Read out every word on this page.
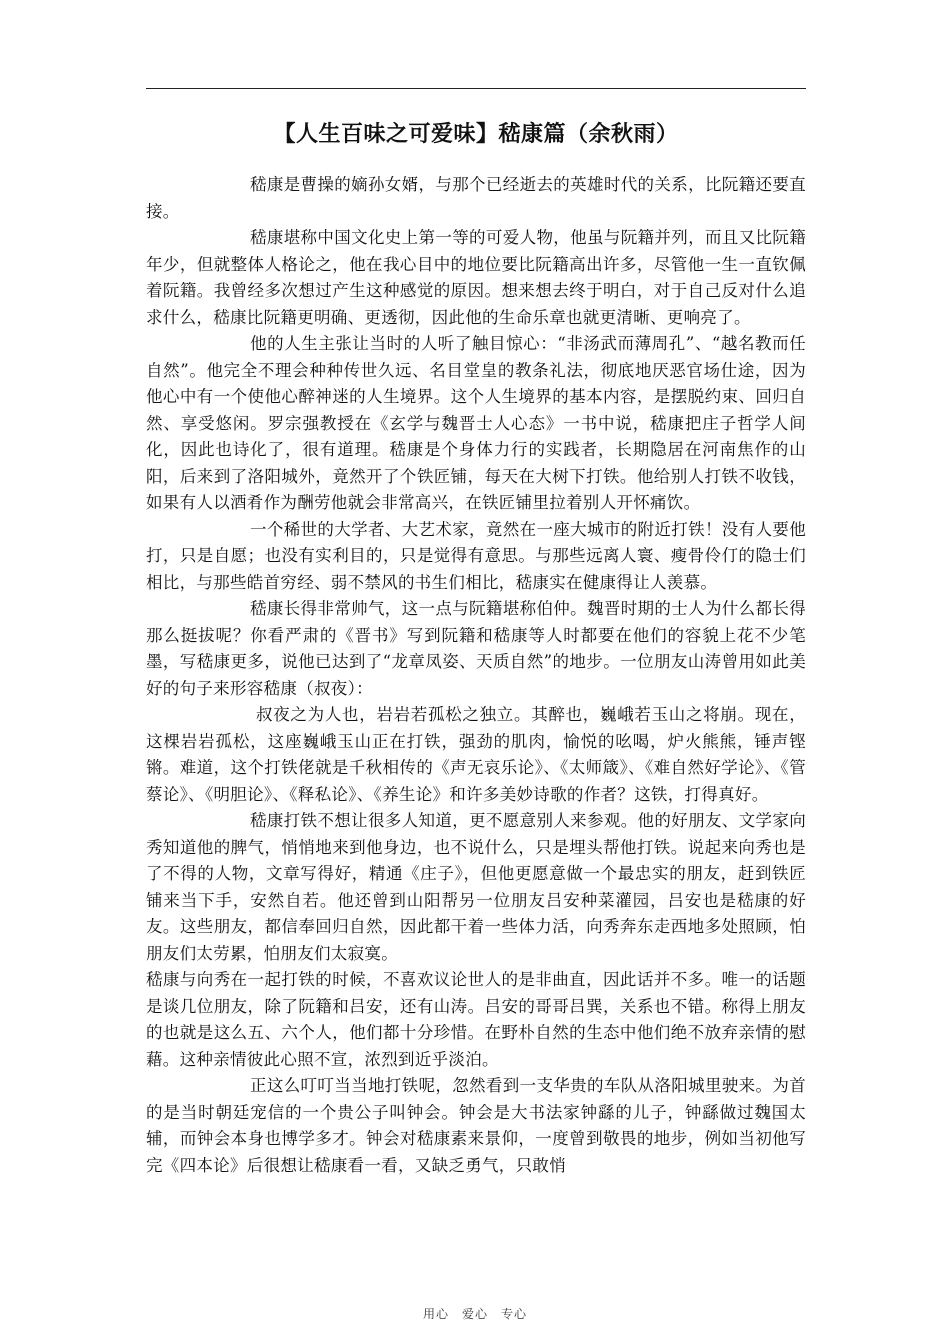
【人生百味之可爱味】嵇康篇（余秋雨）

嵇康是曹操的嫡孙女婿，与那个已经逝去的英雄时代的关系，比阮籍还要直接。

嵇康堪称中国文化史上第一等的可爱人物，他虽与阮籍并列，而且又比阮籍年少，但就整体人格论之，他在我心目中的地位要比阮籍高出许多，尽管他一生一直钦佩着阮籍。我曾经多次想过产生这种感觉的原因。想来想去终于明白，对于自己反对什么追求什么，嵇康比阮籍更明确、更透彻，因此他的生命乐章也就更清晰、更响亮了。

他的人生主张让当时的人听了触目惊心：“非汤武而薄周孔”、“越名教而任自然”。他完全不理会种种传世久远、名目堂皇的教条礼法，彻底地厌恶官场仕途，因为他心中有一个使他心醉神迷的人生境界。这个人生境界的基本内容，是摆脱约束、回归自然、享受悠闲。罗宗强教授在《玄学与魏晋士人心态》一书中说，嵇康把庄子哲学人间化，因此也诗化了，很有道理。嵇康是个身体力行的实践者，长期隐居在河南焦作的山阳，后来到了洛阳城外，竟然开了个铁匠铺，每天在大树下打铁。他给别人打铁不收钱，如果有人以酒肴作为酬劳他就会非常高兴，在铁匠铺里拉着别人开怀痛饮。

一个稀世的大学者、大艺术家，竟然在一座大城市的附近打铁！没有人要他打，只是自愿；也没有实利目的，只是觉得有意思。与那些远离人寰、瘦骨伶仃的隐士们相比，与那些皓首穷经、弱不禁风的书生们相比，嵇康实在健康得让人羡慕。

嵇康长得非常帅气，这一点与阮籍堪称伯仲。魏晋时期的士人为什么都长得那么挺拔呢？你看严肃的《晋书》写到阮籍和嵇康等人时都要在他们的容貌上花不少笔墨，写嵇康更多，说他已达到了“龙章凤姿、天质自然”的地步。一位朋友山涛曾用如此美好的句子来形容嵇康（叔夜）：

叔夜之为人也，岩岩若孤松之独立。其醉也，巍峨若玉山之将崩。现在，这棵岩岩孤松，这座巍峨玉山正在打铁，强劲的肌肉，愉悦的吆喝，炉火熊熊，锤声铿锵。难道，这个打铁佬就是千秋相传的《声无哀乐论》、《太师箴》、《难自然好学论》、《管蔡论》、《明胆论》、《释私论》、《养生论》和许多美妙诗歌的作者？这铁，打得真好。

嵇康打铁不想让很多人知道，更不愿意别人来参观。他的好朋友、文学家向秀知道他的脾气，悄悄地来到他身边，也不说什么，只是埋头帮他打铁。说起来向秀也是了不得的人物，文章写得好，精通《庄子》，但他更愿意做一个最忠实的朋友，赶到铁匠铺来当下手，安然自若。他还曾到山阳帮另一位朋友吕安种菜灌园，吕安也是嵇康的好友。这些朋友，都信奉回归自然，因此都干着一些体力活，向秀奔东走西地多处照顾，怕朋友们太劳累，怕朋友们太寂寞。

嵇康与向秀在一起打铁的时候，不喜欢议论世人的是非曲直，因此话并不多。唯一的话题是谈几位朋友，除了阮籍和吕安，还有山涛。吕安的哥哥吕巽，关系也不错。称得上朋友的也就是这么五、六个人，他们都十分珍惜。在野朴自然的生态中他们绝不放弃亲情的慰藉。这种亲情彼此心照不宣，浓烈到近乎淡泊。

正这么叮叮当当地打铁呢，忽然看到一支华贵的车队从洛阳城里驶来。为首的是当时朝廷宠信的一个贵公子叫钟会。钟会是大书法家钟繇的儿子，钟繇做过魏国太辅，而钟会本身也博学多才。钟会对嵇康素来景仰，一度曾到敬畏的地步，例如当初他写完《四本论》后很想让嵇康看一看，又缺乏勇气，只敢悄

用心　爱心　专心
